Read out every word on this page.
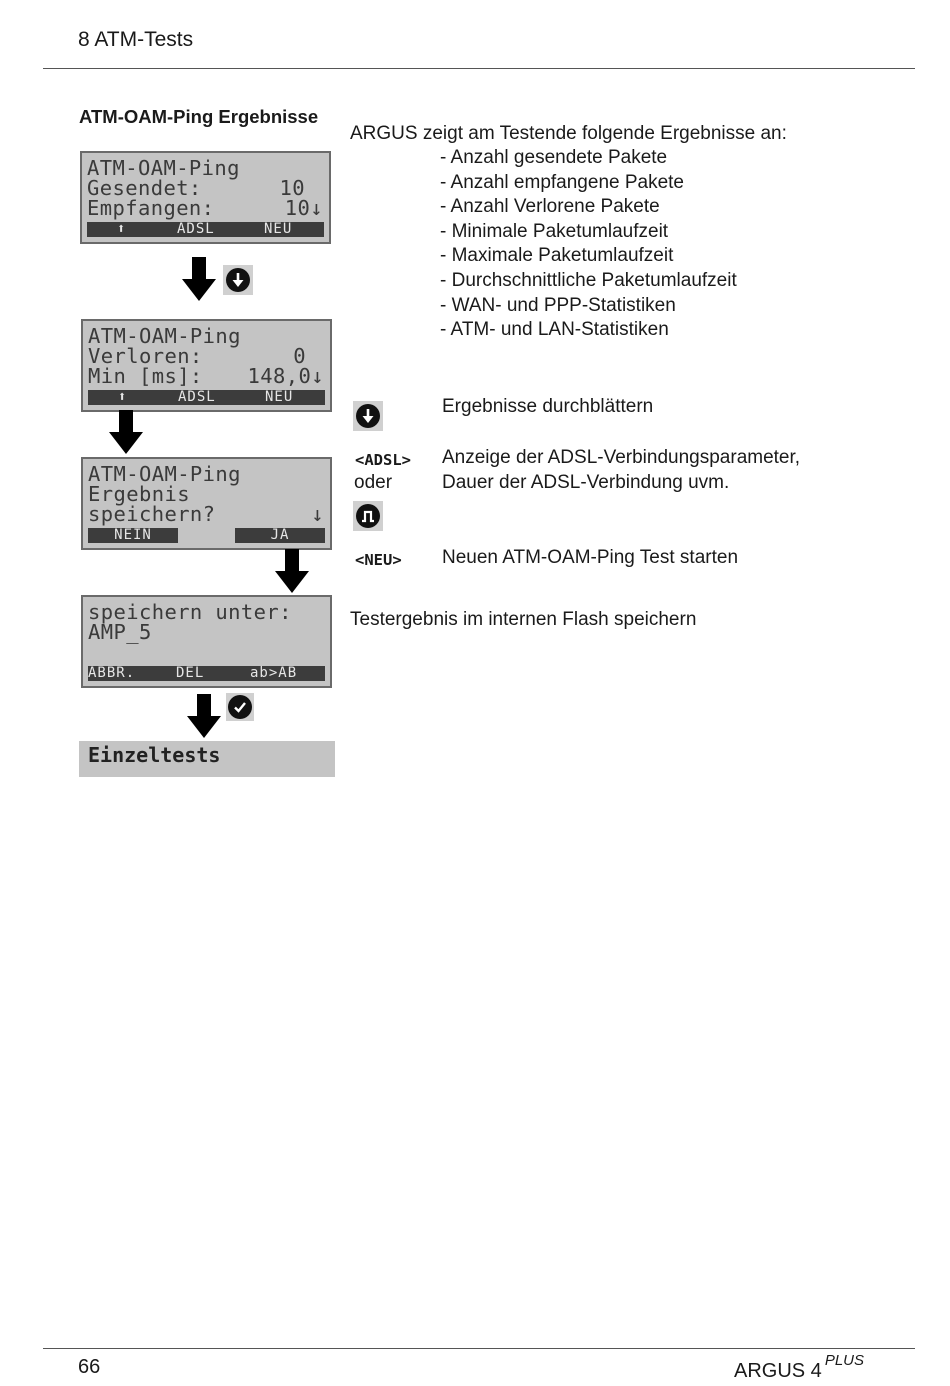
8 ATM-Tests
ATM-OAM-Ping Ergebnisse
ATM-OAM-Ping
Gesendet:	10
Empfangen:	10↓
⬆	ADSL	NEU
ATM-OAM-Ping
Verloren:	0
Min [ms]: 148,0↓
⬆	ADSL	NEU
ATM-OAM-Ping
Ergebnis
speichern?	↓
NEIN	JA
speichern unter:
AMP_5
ABBR.	DEL	ab>AB
Einzeltests
ARGUS zeigt am Testende folgende Ergebnisse an:
- Anzahl gesendete Pakete
- Anzahl empfangene Pakete
- Anzahl Verlorene Pakete
- Minimale Paketumlaufzeit
- Maximale Paketumlaufzeit
- Durchschnittliche Paketumlaufzeit
- WAN- und PPP-Statistiken
- ATM- und LAN-Statistiken
Ergebnisse durchblättern
<ADSL>
oder
Anzeige der ADSL-Verbindungsparameter,
Dauer der ADSL-Verbindung uvm.
<NEU> Neuen ATM-OAM-Ping Test starten
Testergebnis im internen Flash speichern
66	ARGUS 4 $^{PLUS}$
